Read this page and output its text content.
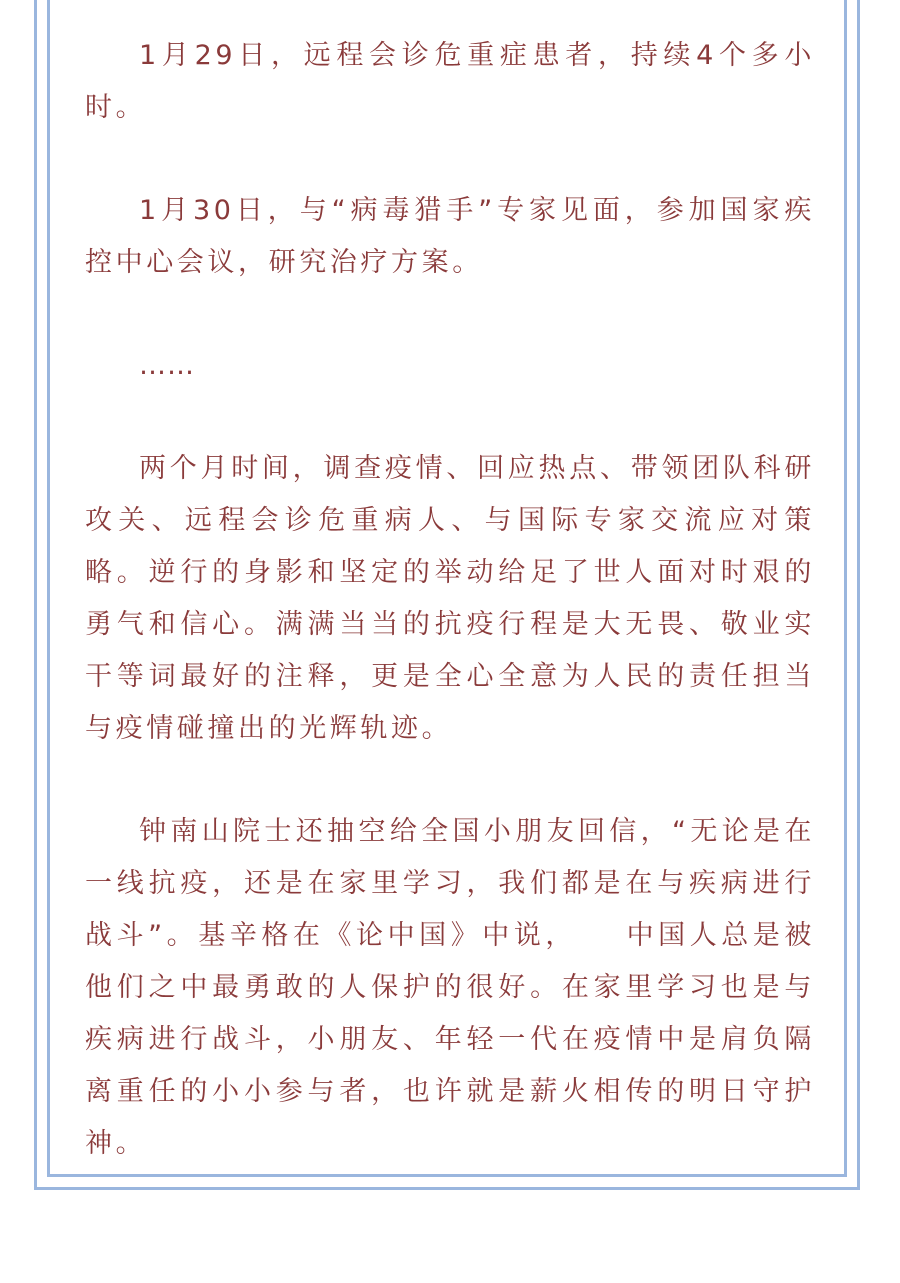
1月29日，远程会诊危重症患者，持续4个多小时。

1月30日，与“病毒猎手”专家见面，参加国家疾控中心会议，研究治疗方案。

……

两个月时间，调查疫情、回应热点、带领团队科研攻关、远程会诊危重病人、与国际专家交流应对策略。逆行的身影和坚定的举动给足了世人面对时艰的勇气和信心。满满当当的抗疫行程是大无畏、敬业实干等词最好的注释，更是全心全意为人民的责任担当与疫情碰撞出的光辉轨迹。

钟南山院士还抽空给全国小朋友回信，“无论是在一线抗疫，还是在家里学习，我们都是在与疾病进行战斗”。基辛格在《论中国》中说，　　中国人总是被他们之中最勇敢的人保护的很好。在家里学习也是与疾病进行战斗，小朋友、年轻一代在疫情中是肩负隔离重任的小小参与者，也许就是薪火相传的明日守护神。
